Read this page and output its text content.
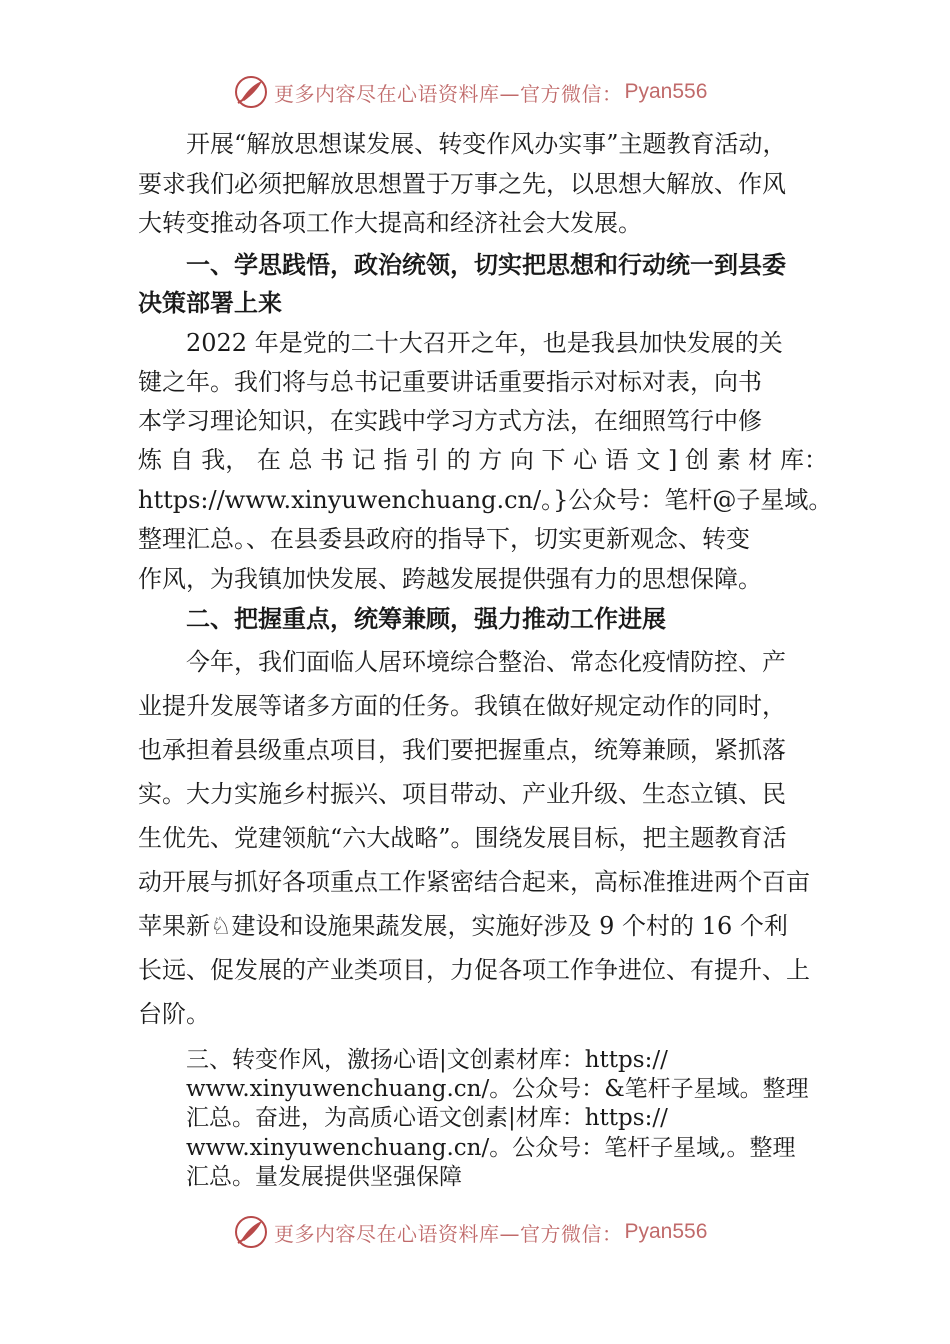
更多内容尽在心语资料库—官方微信： Pyan556
开展“解放思想谋发展、转变作风办实事”主题教育活动，
要求我们必须把解放思想置于万事之先，以思想大解放、作风
大转变推动各项工作大提高和经济社会大发展。
一、学思践悟，政治统领，切实把思想和行动统一到县委
决策部署上来
2022 年是党的二十大召开之年，也是我县加快发展的关
键之年。我们将与总书记重要讲话重要指示对标对表，向书
本学习理论知识，在实践中学习方式方法，在细照笃行中修
炼 自 我， 在 总 书 记 指 引 的 方 向 下 心 语 文 ] 创 素 材 库：
https://www.xinyuwenchuang.cn/。}公众号：笔杆@子星域。
整理汇总。、在县委县政府的指导下，切实更新观念、转变
作风，为我镇加快发展、跨越发展提供强有力的思想保障。
二、把握重点，统筹兼顾，强力推动工作进展
今年，我们面临人居环境综合整治、常态化疫情防控、产
业提升发展等诸多方面的任务。我镇在做好规定动作的同时，
也承担着县级重点项目，我们要把握重点，统筹兼顾，紧抓落
实。大力实施乡村振兴、项目带动、产业升级、生态立镇、民
生优先、党建领航“六大战略”。围绕发展目标，把主题教育活
动开展与抓好各项重点工作紧密结合起来，高标准推进两个百亩
苹果新♘建设和设施果蔬发展，实施好涉及 9 个村的 16 个利
长远、促发展的产业类项目，力促各项工作争进位、有提升、上
台阶。
三、转变作风，激扬心语|文创素材库：https://
www.xinyuwenchuang.cn/。公众号：&笔杆子星域。整理
汇总。奋进，为高质心语文创素|材库：https://
www.xinyuwenchuang.cn/。公众号：笔杆子星域,。整理
汇总。量发展提供坚强保障
更多内容尽在心语资料库—官方微信： Pyan556
